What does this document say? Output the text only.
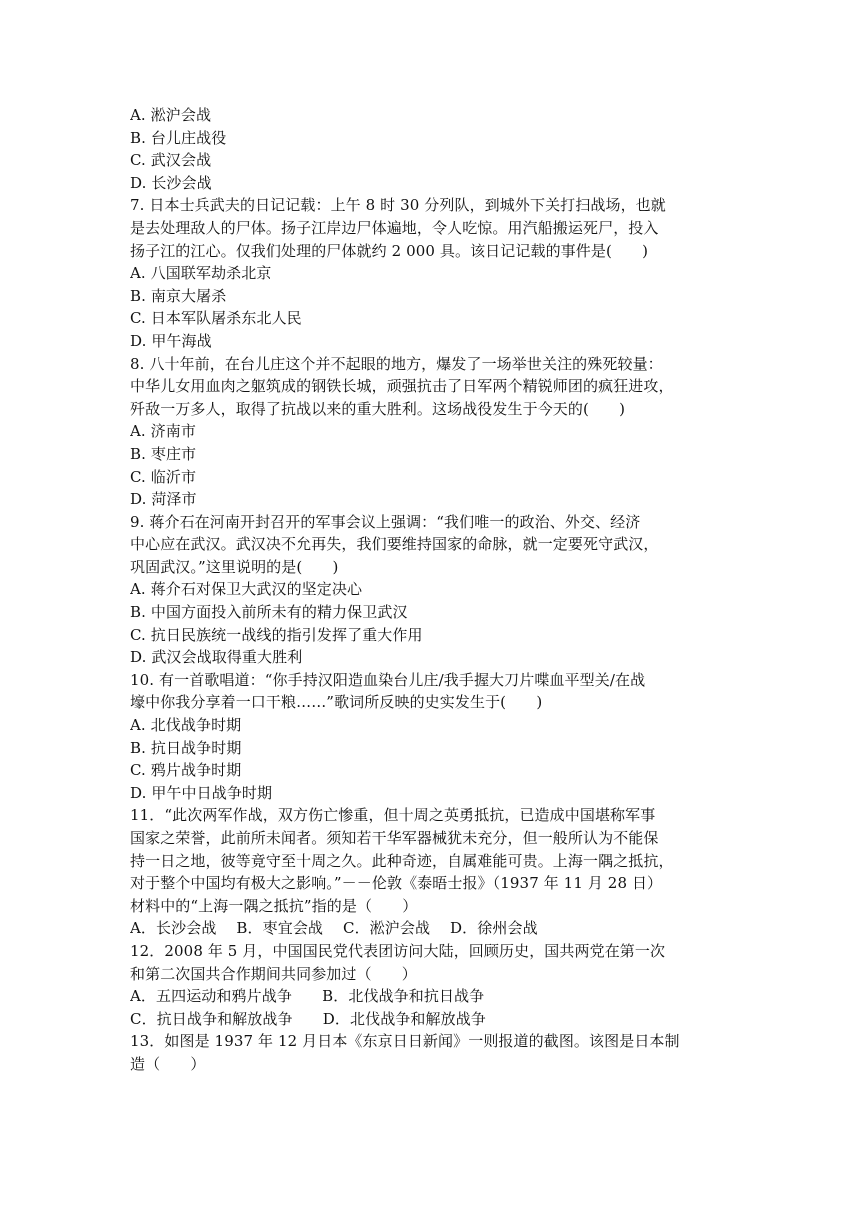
A. 淞沪会战
B. 台儿庄战役
C. 武汉会战
D. 长沙会战
7. 日本士兵武夫的日记记载：上午 8 时 30 分列队，到城外下关打扫战场，也就
是去处理敌人的尸体。扬子江岸边尸体遍地，令人吃惊。用汽船搬运死尸，投入
扬子江的江心。仅我们处理的尸体就约 2 000 具。该日记记载的事件是(　　)
A. 八国联军劫杀北京
B. 南京大屠杀
C. 日本军队屠杀东北人民
D. 甲午海战
8. 八十年前，在台儿庄这个并不起眼的地方，爆发了一场举世关注的殊死较量：
中华儿女用血肉之躯筑成的钢铁长城，顽强抗击了日军两个精锐师团的疯狂进攻，
歼敌一万多人，取得了抗战以来的重大胜利。这场战役发生于今天的(　　)
A. 济南市
B. 枣庄市
C. 临沂市
D. 菏泽市
9. 蒋介石在河南开封召开的军事会议上强调：“我们唯一的政治、外交、经济
中心应在武汉。武汉决不允再失，我们要维持国家的命脉，就一定要死守武汉，
巩固武汉。”这里说明的是(　　)
A. 蒋介石对保卫大武汉的坚定决心
B. 中国方面投入前所未有的精力保卫武汉
C. 抗日民族统一战线的指引发挥了重大作用
D. 武汉会战取得重大胜利
10. 有一首歌唱道：“你手持汉阳造血染台儿庄/我手握大刀片喋血平型关/在战
壕中你我分享着一口干粮……”歌词所反映的史实发生于(　　)
A. 北伐战争时期
B. 抗日战争时期
C. 鸦片战争时期
D. 甲午中日战争时期
11．“此次两军作战，双方伤亡惨重，但十周之英勇抵抗，已造成中国堪称军事
国家之荣誉，此前所未闻者。须知若干华军器械犹未充分，但一般所认为不能保
持一日之地，彼等竟守至十周之久。此种奇迹，自属难能可贵。上海一隅之抵抗，
对于整个中国均有极大之影响。”－－伦敦《泰晤士报》（1937 年 11 月 28 日）
材料中的“上海一隅之抵抗”指的是（　　）
A．长沙会战　 B．枣宜会战　 C．淞沪会战　 D．徐州会战
12．2008 年 5 月，中国国民党代表团访问大陆，回顾历史，国共两党在第一次
和第二次国共合作期间共同参加过（　　）
A．五四运动和鸦片战争　　B．北伐战争和抗日战争
C．抗日战争和解放战争　　D．北伐战争和解放战争
13．如图是 1937 年 12 月日本《东京日日新闻》一则报道的截图。该图是日本制
造（　　）
